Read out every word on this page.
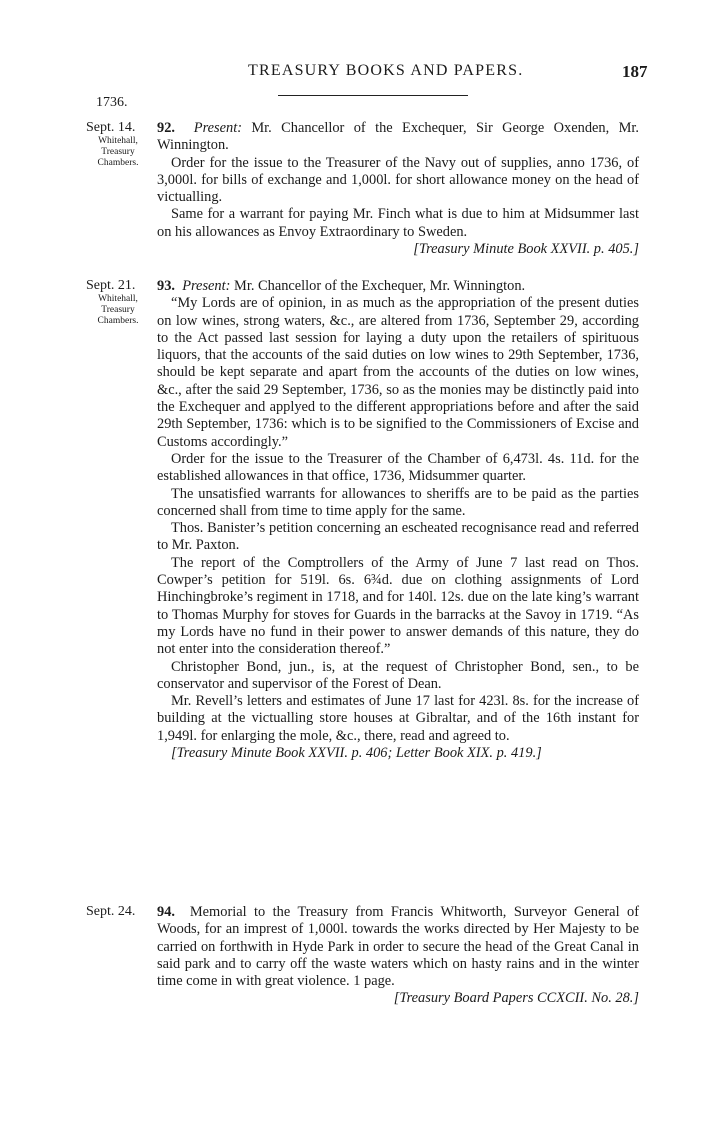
TREASURY BOOKS AND PAPERS.	187
1736.
Sept. 14.
Whitehall,
Treasury
Chambers.

92. Present: Mr. Chancellor of the Exchequer, Sir George Oxenden, Mr. Winnington.

Order for the issue to the Treasurer of the Navy out of supplies, anno 1736, of 3,000l. for bills of exchange and 1,000l. for short allowance money on the head of victualling.

Same for a warrant for paying Mr. Finch what is due to him at Midsummer last on his allowances as Envoy Extraordinary to Sweden.

[Treasury Minute Book XXVII. p. 405.]

Sept. 21.
Whitehall,
Treasury
Chambers.

93. Present: Mr. Chancellor of the Exchequer, Mr. Winnington.

“My Lords are of opinion, in as much as the appropriation of the present duties on low wines, strong waters, &c., are altered from 1736, September 29, according to the Act passed last session for laying a duty upon the retailers of spirituous liquors, that the accounts of the said duties on low wines to 29th September, 1736, should be kept separate and apart from the accounts of the duties on low wines, &c., after the said 29 September, 1736, so as the monies may be distinctly paid into the Exchequer and applyed to the different appropriations before and after the said 29th September, 1736: which is to be signified to the Commissioners of Excise and Customs accordingly.”

Order for the issue to the Treasurer of the Chamber of 6,473l. 4s. 11d. for the established allowances in that office, 1736, Midsummer quarter.

The unsatisfied warrants for allowances to sheriffs are to be paid as the parties concerned shall from time to time apply for the same.

Thos. Banister’s petition concerning an escheated recognisance read and referred to Mr. Paxton.

The report of the Comptrollers of the Army of June 7 last read on Thos. Cowper’s petition for 519l. 6s. 6¾d. due on clothing assignments of Lord Hinchingbroke’s regiment in 1718, and for 140l. 12s. due on the late king’s warrant to Thomas Murphy for stoves for Guards in the barracks at the Savoy in 1719. “As my Lords have no fund in their power to answer demands of this nature, they do not enter into the consideration thereof.”

Christopher Bond, jun., is, at the request of Christopher Bond, sen., to be conservator and supervisor of the Forest of Dean.

Mr. Revell’s letters and estimates of June 17 last for 423l. 8s. for the increase of building at the victualling store houses at Gibraltar, and of the 16th instant for 1,949l. for enlarging the mole, &c., there, read and agreed to.

[Treasury Minute Book XXVII. p. 406; Letter Book XIX. p. 419.]

Sept. 24.	94. Memorial to the Treasury from Francis Whitworth, Surveyor General of Woods, for an imprest of 1,000l. towards the works directed by Her Majesty to be carried on forthwith in Hyde Park in order to secure the head of the Great Canal in said park and to carry off the waste waters which on hasty rains and in the winter time come in with great violence. 1 page.

[Treasury Board Papers CCXCII. No. 28.]
